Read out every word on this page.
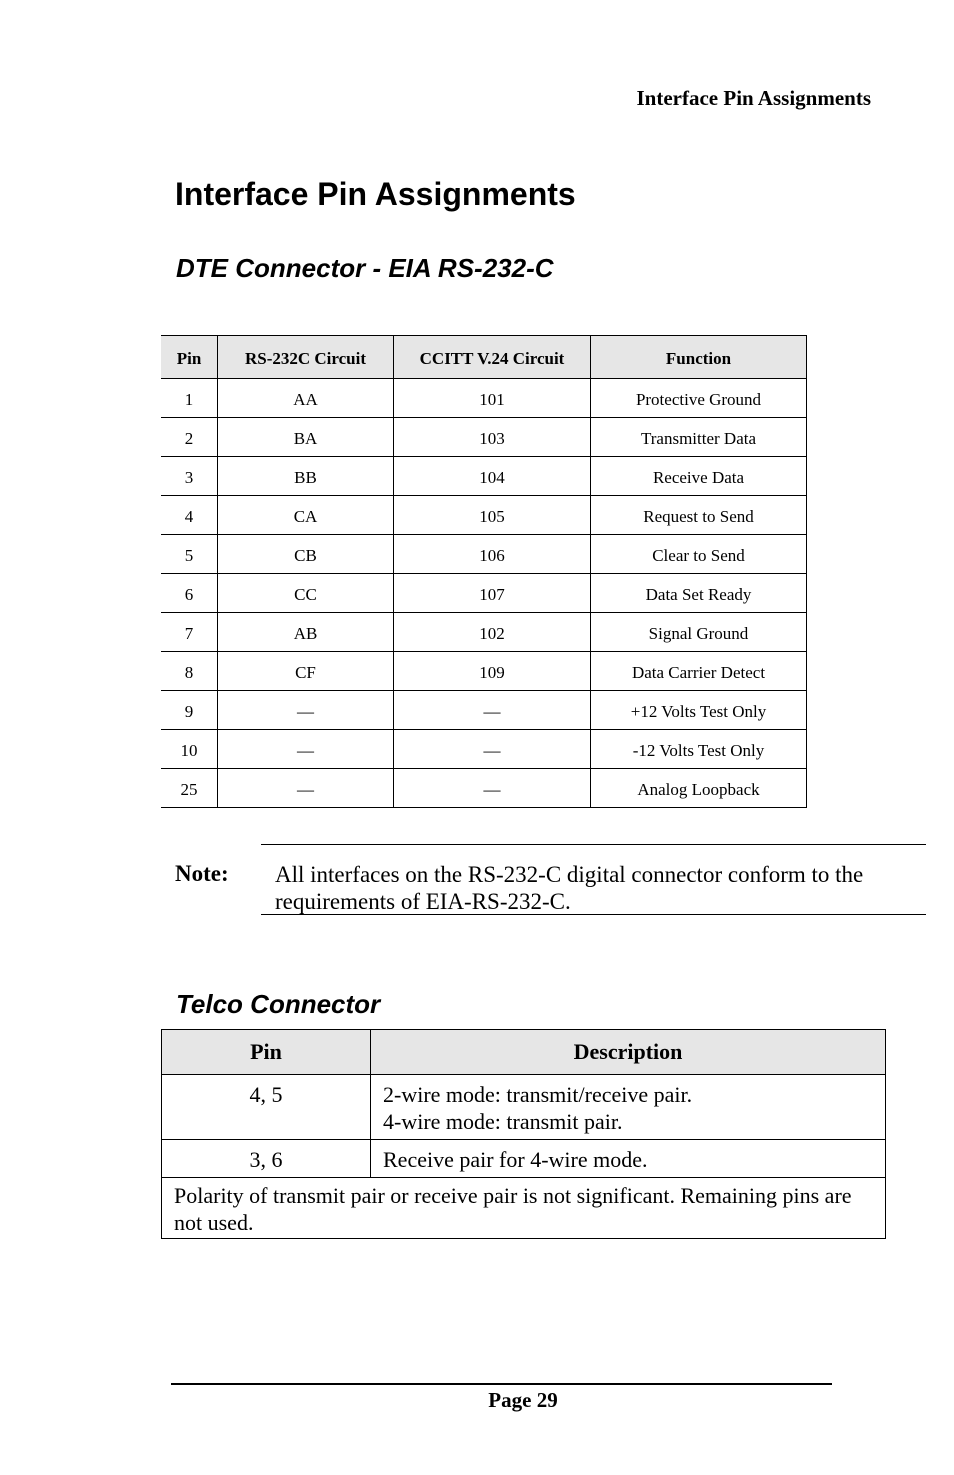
Interface Pin Assignments
Interface Pin Assignments
DTE Connector - EIA RS-232-C
Pin	RS-232C Circuit	CCITT V.24 Circuit	Function
1	AA	101	Protective Ground
2	BA	103	Transmitter Data
3	BB	104	Receive Data
4	CA	105	Request to Send
5	CB	106	Clear to Send
6	CC	107	Data Set Ready
7	AB	102	Signal Ground
8	CF	109	Data Carrier Detect
9	—	—	+12 Volts Test Only
10	—	—	-12 Volts Test Only
25	—	—	Analog Loopback
Note: All interfaces on the RS-232-C digital connector conform to the requirements of EIA-RS-232-C.
Telco Connector
Pin	Description
4, 5	2-wire mode: transmit/receive pair.
4-wire mode: transmit pair.

3, 6	Receive pair for 4-wire mode.

Polarity of transmit pair or receive pair is not significant. Remaining pins are not used.	
Page 29
